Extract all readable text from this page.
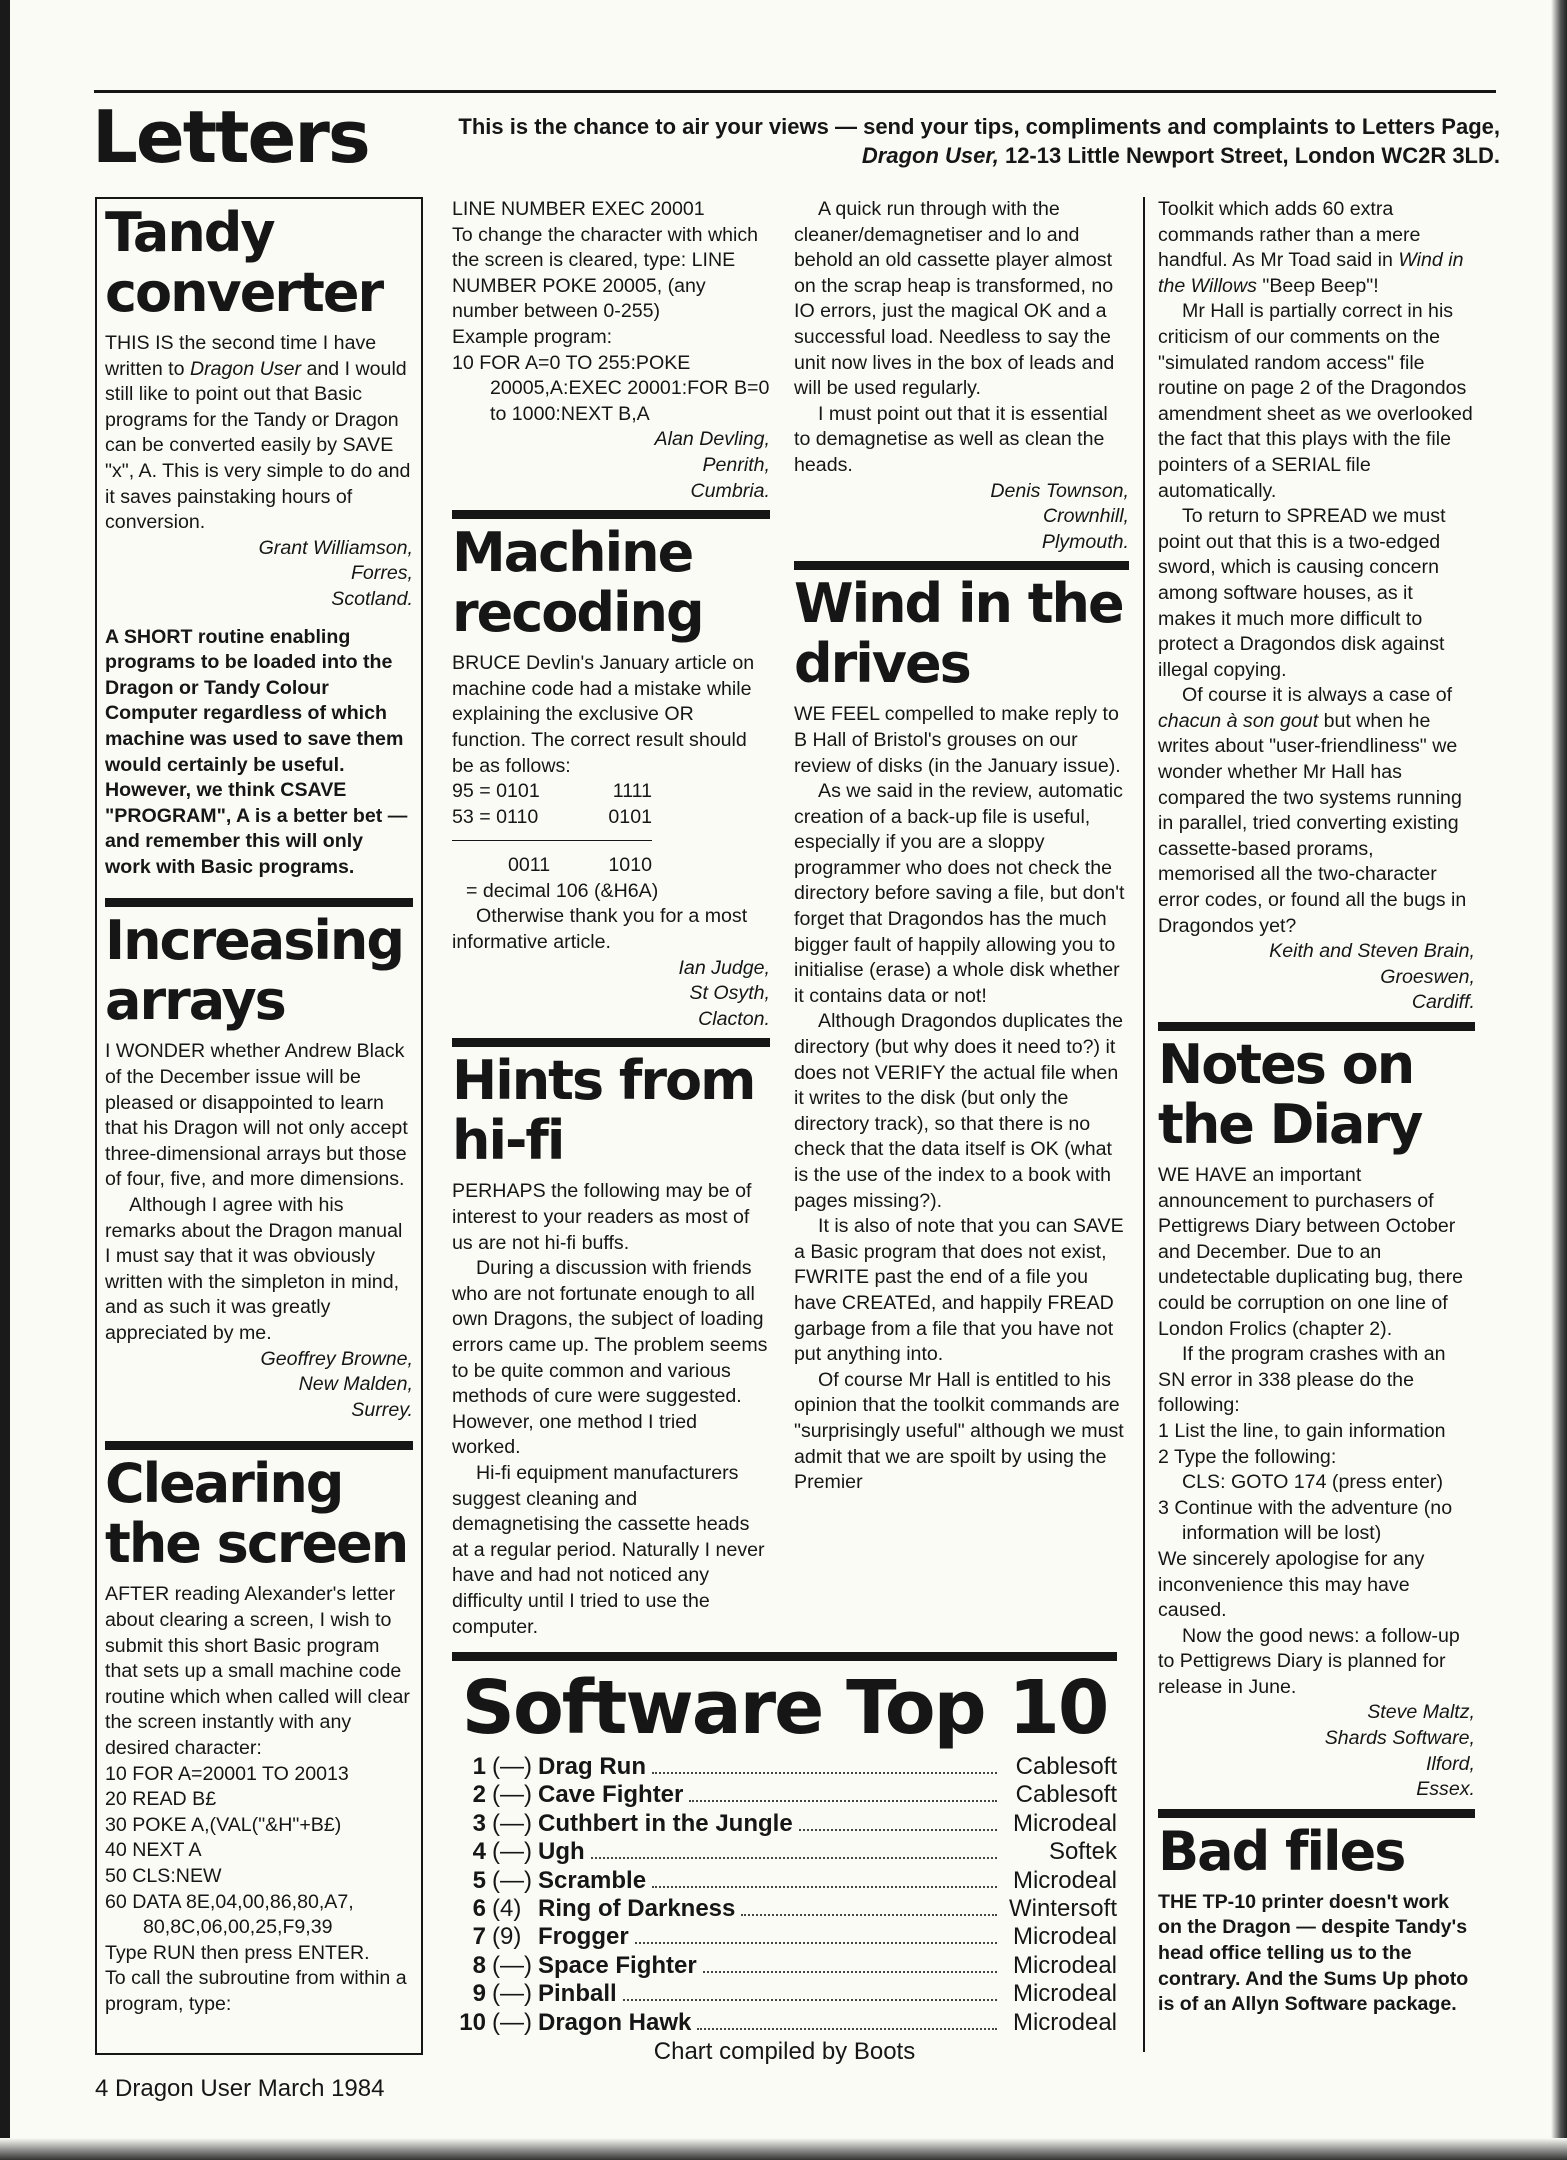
Letters	This is the chance to air your views — send your tips, compliments and complaints to Letters Page, Dragon User, 12-13 Little Newport Street, London WC2R 3LD.

Tandy converter

THIS IS the second time I have written to Dragon User and I would still like to point out that Basic programs for the Tandy or Dragon can be converted easily by SAVE "x", A. This is very simple to do and it saves painstaking hours of conversion.

Grant Williamson,

Forres,

Scotland.

A SHORT routine enabling programs to be loaded into the Dragon or Tandy Colour Computer regardless of which machine was used to save them would certainly be useful. However, we think CSAVE "PROGRAM", A is a better bet — and remember this will only work with Basic programs.

Increasing arrays

I WONDER whether Andrew Black of the December issue will be pleased or disappointed to learn that his Dragon will not only accept three-dimensional arrays but those of four, five, and more dimensions.

Although I agree with his remarks about the Dragon manual I must say that it was obviously written with the simpleton in mind, and as such it was greatly appreciated by me.

Geoffrey Browne,

New Malden,

Surrey.

Clearing the screen

AFTER reading Alexander's letter about clearing a screen, I wish to submit this short Basic program that sets up a small machine code routine which when called will clear the screen instantly with any desired character:

10 FOR A=20001 TO 20013

20 READ B£

30 POKE A,(VAL("&H"+B£)

40 NEXT A

50 CLS:NEW

60 DATA 8E,04,00,86,80,A7, 80,8C,06,00,25,F9,39

Type RUN then press ENTER.

To call the subroutine from within a program, type:

LINE NUMBER EXEC 20001

To change the character with which the screen is cleared, type: LINE NUMBER POKE 20005, (any number between 0-255)

Example program:

10 FOR A=0 TO 255:POKE 20005,A:EXEC 20001:FOR B=0 to 1000:NEXT B,A

Alan Devling,

Penrith,

Cumbria.

Machine recoding

BRUCE Devlin's January article on machine code had a mistake while explaining the exclusive OR function. The correct result should be as follows:

95 = 0101	1111
53 = 0110	0101
0011	1010

= decimal 106 (&H6A)

Otherwise thank you for a most informative article.

Ian Judge,

St Osyth,

Clacton.

Hints from hi-fi

PERHAPS the following may be of interest to your readers as most of us are not hi-fi buffs.

During a discussion with friends who are not fortunate enough to all own Dragons, the subject of loading errors came up. The problem seems to be quite common and various methods of cure were suggested. However, one method I tried worked.

Hi-fi equipment manufacturers suggest cleaning and demagnetising the cassette heads at a regular period. Naturally I never have and had not noticed any difficulty until I tried to use the computer.

A quick run through with the cleaner/demagnetiser and lo and behold an old cassette player almost on the scrap heap is transformed, no IO errors, just the magical OK and a successful load. Needless to say the unit now lives in the box of leads and will be used regularly.

I must point out that it is essential to demagnetise as well as clean the heads.

Denis Townson,

Crownhill,

Plymouth.

Wind in the drives

WE FEEL compelled to make reply to B Hall of Bristol's grouses on our review of disks (in the January issue).

As we said in the review, automatic creation of a back-up file is useful, especially if you are a sloppy programmer who does not check the directory before saving a file, but don't forget that Dragondos has the much bigger fault of happily allowing you to initialise (erase) a whole disk whether it contains data or not!

Although Dragondos duplicates the directory (but why does it need to?) it does not VERIFY the actual file when it writes to the disk (but only the directory track), so that there is no check that the data itself is OK (what is the use of the index to a book with pages missing?).

It is also of note that you can SAVE a Basic program that does not exist, FWRITE past the end of a file you have CREATEd, and happily FREAD garbage from a file that you have not put anything into.

Of course Mr Hall is entitled to his opinion that the toolkit commands are "surprisingly useful" although we must admit that we are spoilt by using the Premier

Toolkit which adds 60 extra commands rather than a mere handful. As Mr Toad said in Wind in the Willows "Beep Beep"!

Mr Hall is partially correct in his criticism of our comments on the "simulated random access" file routine on page 2 of the Dragondos amendment sheet as we overlooked the fact that this plays with the file pointers of a SERIAL file automatically.

To return to SPREAD we must point out that this is a two-edged sword, which is causing concern among software houses, as it makes it much more difficult to protect a Dragondos disk against illegal copying.

Of course it is always a case of chacun à son gout but when he writes about "user-friendliness" we wonder whether Mr Hall has compared the two systems running in parallel, tried converting existing cassette-based prorams, memorised all the two-character error codes, or found all the bugs in Dragondos yet?

Keith and Steven Brain,

Groeswen,

Cardiff.

Notes on the Diary

WE HAVE an important announcement to purchasers of Pettigrews Diary between October and December. Due to an undetectable duplicating bug, there could be corruption on one line of London Frolics (chapter 2).

If the program crashes with an SN error in 338 please do the following:

1 List the line, to gain information

2 Type the following:

CLS: GOTO 174 (press enter)

3 Continue with the adventure (no information will be lost)

We sincerely apologise for any inconvenience this may have caused.

Now the good news: a follow-up to Pettigrews Diary is planned for release in June.

Steve Maltz,

Shards Software,

Ilford,

Essex.

Bad files

THE TP-10 printer doesn't work on the Dragon — despite Tandy's head office telling us to the contrary. And the Sums Up photo is of an Allyn Software package.

Software Top 10
1 (—) Drag Run	Cablesoft
2 (—) Cave Fighter	Cablesoft
3 (—) Cuthbert in the Jungle	Microdeal
4 (—) Ugh	Softek
5 (—) Scramble	Microdeal
6 (4) Ring of Darkness	Wintersoft
7 (9) Frogger	Microdeal
8 (—) Space Fighter	Microdeal
9 (—) Pinball	Microdeal
10 (—) Dragon Hawk	Microdeal
Chart compiled by Boots

4 Dragon User March 1984
